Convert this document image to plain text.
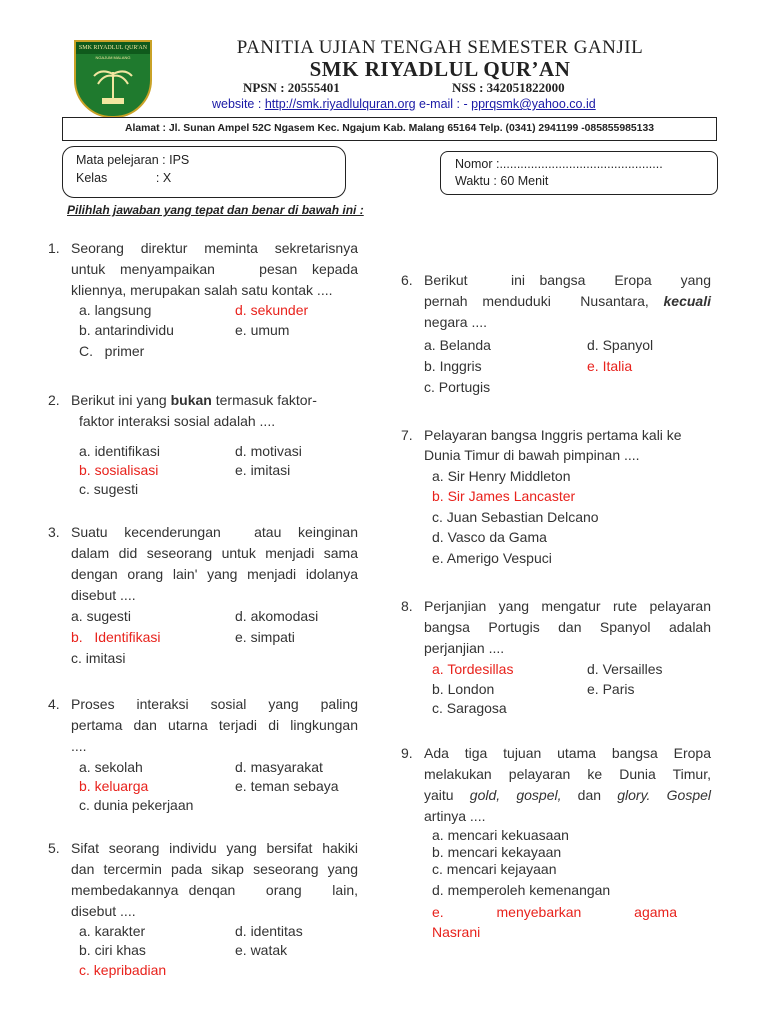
SMK RIYADLUL QUR'AN
NGAJUM MALANG	PANITIA UJIAN TENGAH SEMESTER GANJIL
SMK RIYADLUL QUR’AN
NPSN : 20555401	NSS : 342051822000
website : http://smk.riyadlulquran.org e-mail : - pprqsmk@yahoo.co.id
Alamat : Jl. Sunan Ampel 52C Ngasem Kec. Ngajum Kab. Malang 65164 Telp. (0341) 2941199 -085855985133
Mata pelejaran : IPS
Kelas              : X
Nomor :...............................................
Waktu : 60 Menit
Pilihlah jawaban yang tepat dan benar di bawah ini :
1. Seorang direktur meminta sekretarisnya
untuk menyampaikan   pesan kepada
kliennya, merupakan salah satu kontak ....
a. langsung	d. sekunder
b. antarindividu	e. umum
C.   primer
2. Berikut ini yang bukan termasuk faktor-
faktor interaksi sosial adalah ....
a. identifikasi	d. motivasi
b. sosialisasi	e. imitasi
c. sugesti
3. Suatu kecenderungan  atau keinginan
dalam did seseorang untuk menjadi sama
dengan orang lain' yang menjadi idolanya
disebut ....
a. sugesti	d. akomodasi
b.   Identifikasi	e. simpati
c. imitasi
4. Proses  interaksi  sosial  yang  paling
pertama dan utarna terjadi di lingkungan
....
a. sekolah	d. masyarakat
b. keluarga	e. teman sebaya
c. dunia pekerjaan
5. Sifat seorang individu yang bersifat hakiki
dan tercermin pada sikap seseorang yang
membedakannya denqan   orang   lain,
disebut ....
a. karakter	d. identitas
b. ciri khas	e. watak
c. kepribadian
6. Berikut   ini bangsa  Eropa  yang
pernah menduduki  Nusantara, kecuali
negara ....
a. Belanda	d. Spanyol
b. Inggris	e. Italia
c. Portugis
7. Pelayaran bangsa Inggris pertama kali ke
Dunia Timur di bawah pimpinan ....
a. Sir Henry Middleton
b. Sir James Lancaster
c. Juan Sebastian Delcano
d. Vasco da Gama
e. Amerigo Vespuci
8. Perjanjian yang mengatur rute pelayaran
bangsa Portugis dan Spanyol adalah
perjanjian ....
a. Tordesillas	d. Versailles
b. London	e. Paris
c. Saragosa
9. Ada tiga tujuan utama bangsa Eropa
melakukan pelayaran ke Dunia Timur,
yaitu gold, gospel, dan glory. Gospel
artinya ....
a. mencari kekuasaan
b. mencari kekayaan
c. mencari kejayaan
d. memperoleh kemenangan
e.      menyebarkan      agama
Nasrani
